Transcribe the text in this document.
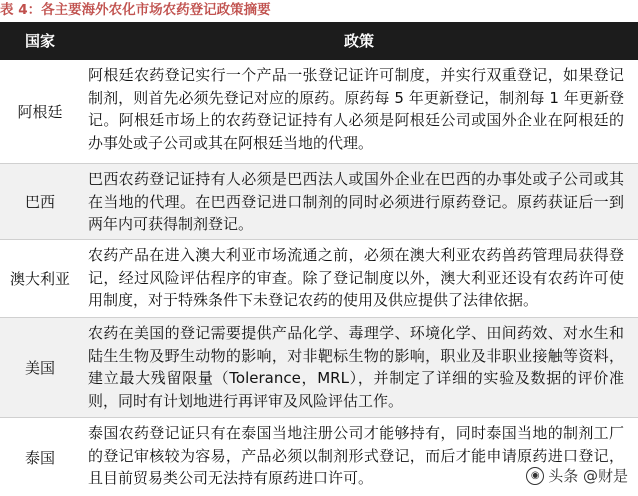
表 4：各主要海外农化市场农药登记政策摘要
国家	政策
阿根廷
阿根廷农药登记实行一个产品一张登记证许可制度，并实行双重登记，如果登记制剂，则首先必须先登记对应的原药。原药每 5 年更新登记，制剂每 1 年更新登记。阿根廷市场上的农药登记证持有人必须是阿根廷公司或国外企业在阿根廷的办事处或子公司或其在阿根廷当地的代理。
巴西
巴西农药登记证持有人必须是巴西法人或国外企业在巴西的办事处或子公司或其在当地的代理。在巴西登记进口制剂的同时必须进行原药登记。原药获证后一到两年内可获得制剂登记。
澳大利亚
农药产品在进入澳大利亚市场流通之前，必须在澳大利亚农药兽药管理局获得登记，经过风险评估程序的审查。除了登记制度以外，澳大利亚还设有农药许可使用制度，对于特殊条件下未登记农药的使用及供应提供了法律依据。
美国
农药在美国的登记需要提供产品化学、毒理学、环境化学、田间药效、对水生和陆生生物及野生动物的影响，对非靶标生物的影响，职业及非职业接触等资料，建立最大残留限量（Tolerance，MRL），并制定了详细的实验及数据的评价准则，同时有计划地进行再评审及风险评估工作。
泰国
泰国农药登记证只有在泰国当地注册公司才能够持有，同时泰国当地的制剂工厂的登记审核较为容易，产品必须以制剂形式登记，而后才能申请原药进口登记，且目前贸易类公司无法持有原药进口许可。	◉ 头条 @财是
